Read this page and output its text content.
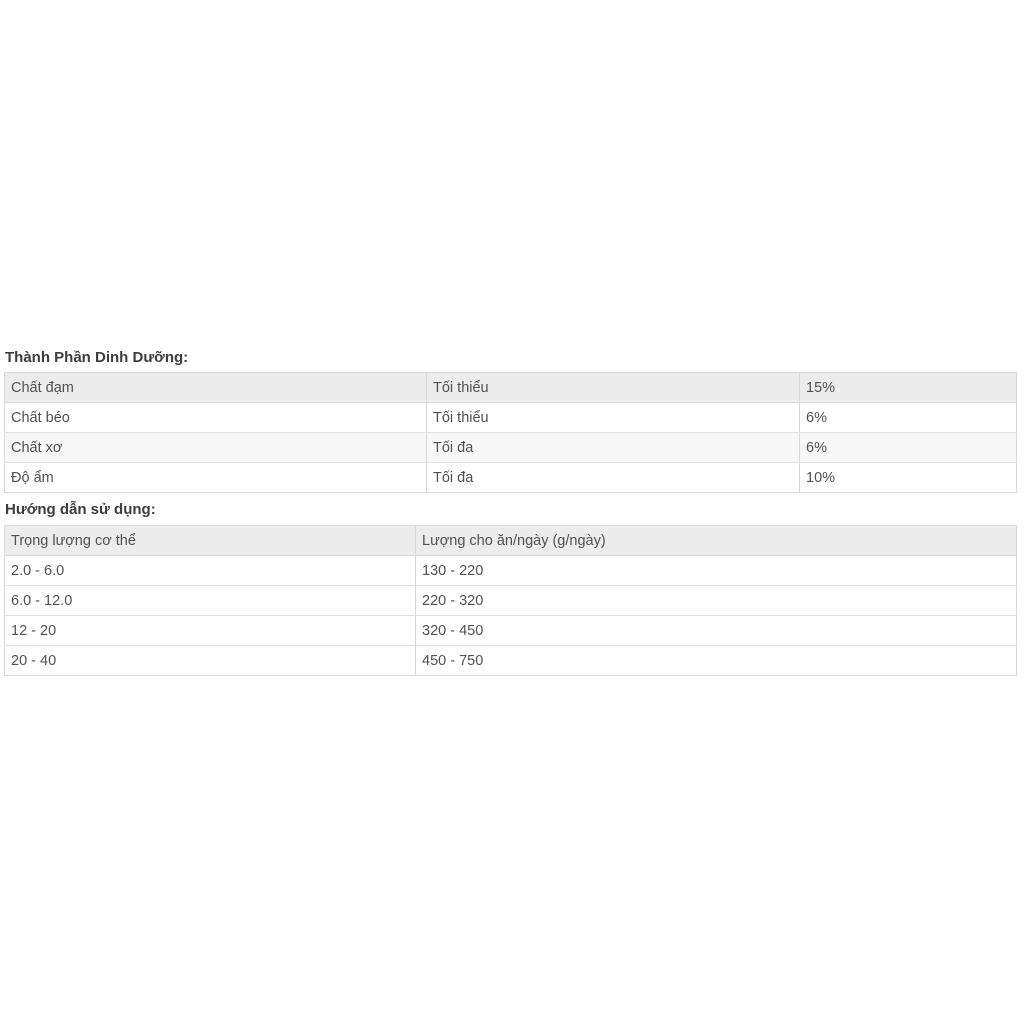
Thành Phần Dinh Dưỡng:
Chất đạm	Tối thiểu	15%
Chất béo	Tối thiểu	6%
Chất xơ	Tối đa	6%
Độ ẩm	Tối đa	10%
Hướng dẫn sử dụng:
Trọng lượng cơ thể	Lượng cho ăn/ngày (g/ngày)
2.0 - 6.0	130 - 220
6.0 - 12.0	220 - 320
12 - 20	320 - 450
20 - 40	450 - 750
